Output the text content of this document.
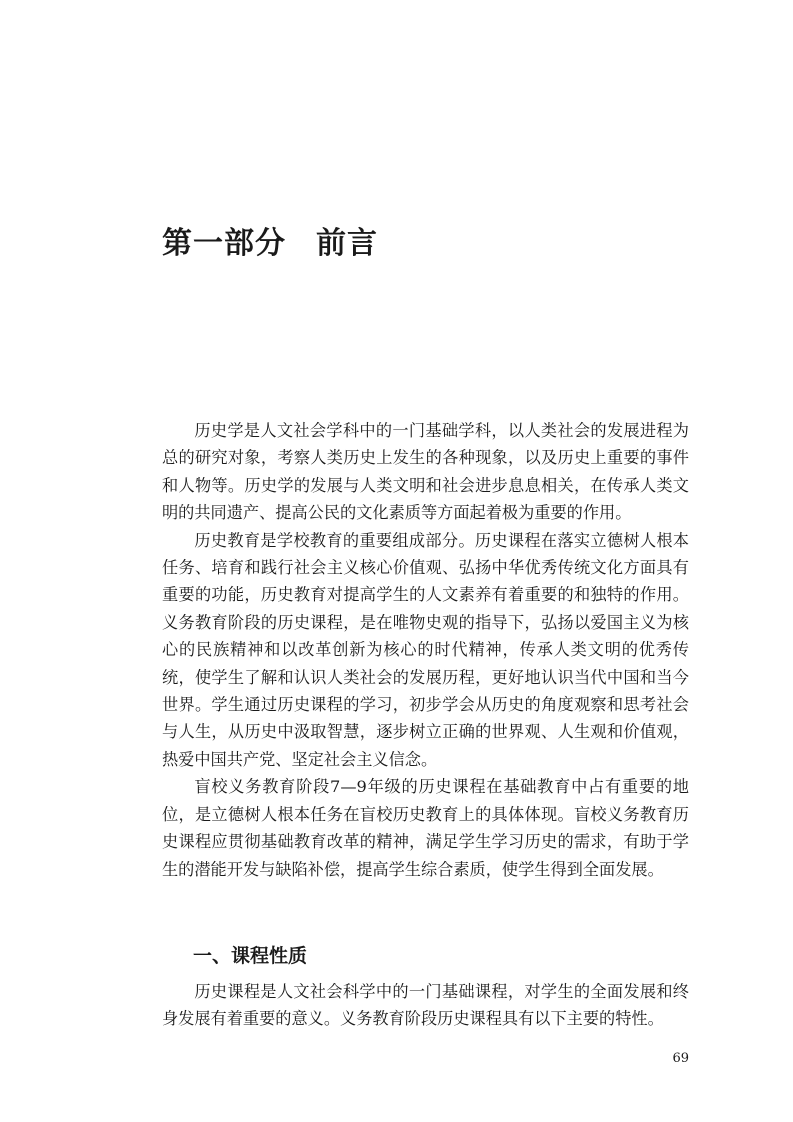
第一部分 前言

历史学是人文社会学科中的一门基础学科，以人类社会的发展进程为总的研究对象，考察人类历史上发生的各种现象，以及历史上重要的事件和人物等。历史学的发展与人类文明和社会进步息息相关，在传承人类文明的共同遗产、提高公民的文化素质等方面起着极为重要的作用。

历史教育是学校教育的重要组成部分。历史课程在落实立德树人根本任务、培育和践行社会主义核心价值观、弘扬中华优秀传统文化方面具有重要的功能，历史教育对提高学生的人文素养有着重要的和独特的作用。义务教育阶段的历史课程，是在唯物史观的指导下，弘扬以爱国主义为核心的民族精神和以改革创新为核心的时代精神，传承人类文明的优秀传统，使学生了解和认识人类社会的发展历程，更好地认识当代中国和当今世界。学生通过历史课程的学习，初步学会从历史的角度观察和思考社会与人生，从历史中汲取智慧，逐步树立正确的世界观、人生观和价值观，热爱中国共产党、坚定社会主义信念。

盲校义务教育阶段7—9年级的历史课程在基础教育中占有重要的地位，是立德树人根本任务在盲校历史教育上的具体体现。盲校义务教育历史课程应贯彻基础教育改革的精神，满足学生学习历史的需求，有助于学生的潜能开发与缺陷补偿，提高学生综合素质，使学生得到全面发展。

一、课程性质

历史课程是人文社会科学中的一门基础课程，对学生的全面发展和终身发展有着重要的意义。义务教育阶段历史课程具有以下主要的特性。

69
